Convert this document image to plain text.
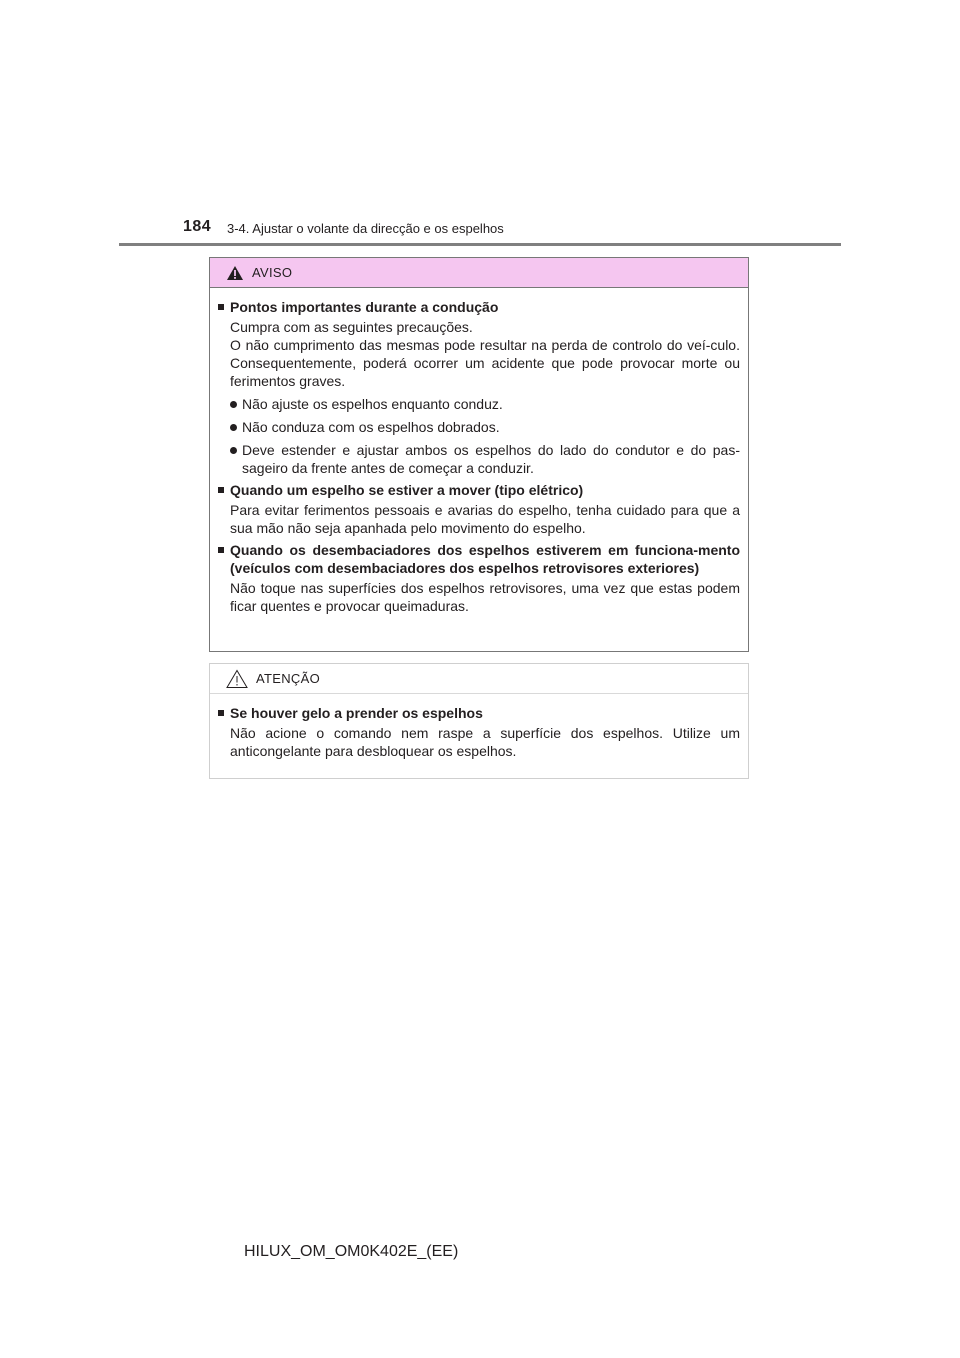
184 3-4. Ajustar o volante da direcção e os espelhos
AVISO
Pontos importantes durante a condução
Cumpra com as seguintes precauções.
O não cumprimento das mesmas pode resultar na perda de controlo do veí-culo. Consequentemente, poderá ocorrer um acidente que pode provocar morte ou ferimentos graves.
Não ajuste os espelhos enquanto conduz.
Não conduza com os espelhos dobrados.
Deve estender e ajustar ambos os espelhos do lado do condutor e do pas-sageiro da frente antes de começar a conduzir.
Quando um espelho se estiver a mover (tipo elétrico)
Para evitar ferimentos pessoais e avarias do espelho, tenha cuidado para que a sua mão não seja apanhada pelo movimento do espelho.
Quando os desembaciadores dos espelhos estiverem em funciona-mento (veículos com desembaciadores dos espelhos retrovisores exteriores)
Não toque nas superfícies dos espelhos retrovisores, uma vez que estas podem ficar quentes e provocar queimaduras.
ATENÇÃO
Se houver gelo a prender os espelhos
Não acione o comando nem raspe a superfície dos espelhos. Utilize um anticongelante para desbloquear os espelhos.
HILUX_OM_OM0K402E_(EE)
